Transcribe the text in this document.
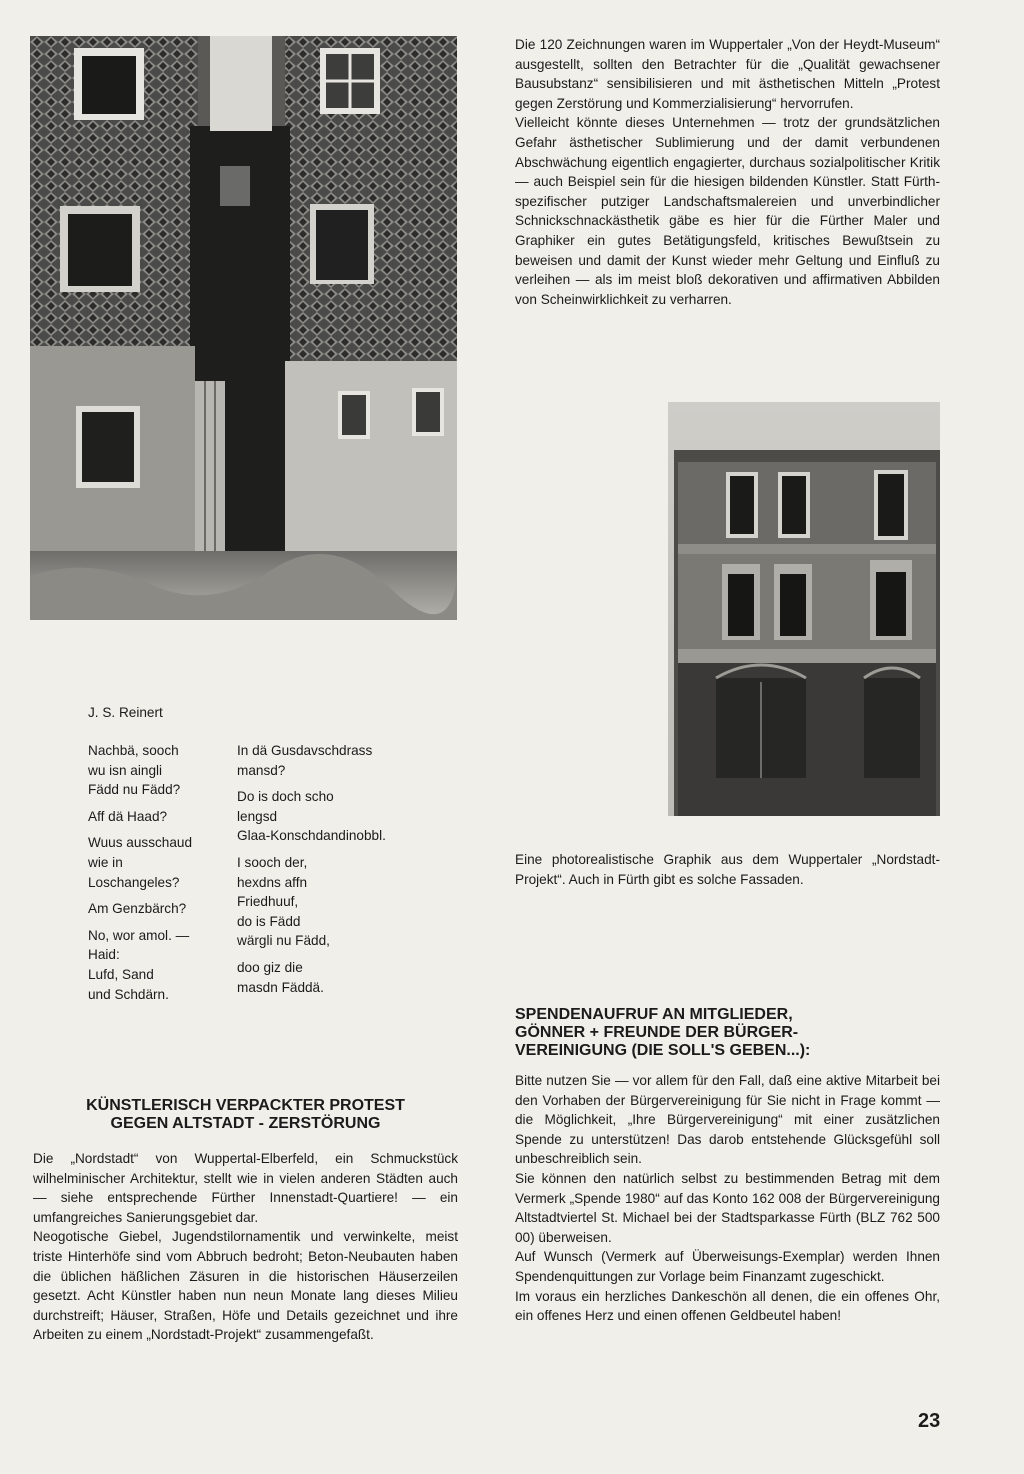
Die 120 Zeichnungen waren im Wuppertaler „Von der Heydt-Museum“ ausgestellt, sollten den Betrachter für die „Qualität gewachsener Bausubstanz“ sensibilisieren und mit ästhetischen Mitteln „Protest gegen Zerstörung und Kommerzialisierung“ hervorrufen.

Vielleicht könnte dieses Unternehmen — trotz der grundsätzlichen Gefahr ästhetischer Sublimierung und der damit verbundenen Abschwächung eigentlich engagierter, durchaus sozialpolitischer Kritik — auch Beispiel sein für die hiesigen bildenden Künstler. Statt Fürth-spezifischer putziger Landschaftsmalereien und unverbindlicher Schnickschnackästhetik gäbe es hier für die Fürther Maler und Graphiker ein gutes Betätigungsfeld, kritisches Bewußtsein zu beweisen und damit der Kunst wieder mehr Geltung und Einfluß zu verleihen — als im meist bloß dekorativen und affirmativen Abbilden von Scheinwirklichkeit zu verharren.

J. S. Reinert

Nachbä, sooch

wu isn aingli

Fädd nu Fädd?

Aff dä Haad?

Wuus ausschaud

wie in

Loschangeles?

Am Genzbärch?

No, wor amol. —

Haid:

Lufd, Sand

und Schdärn.

In dä Gusdavschdrass

mansd?

Do is doch scho

lengsd

Glaa-Konschdandinobbl.

I sooch der,

hexdns affn

Friedhuuf,

do is Fädd

wärgli nu Fädd,

doo giz die

masdn Fäddä.

Eine photorealistische Graphik aus dem Wuppertaler „Nordstadt-Projekt“. Auch in Fürth gibt es solche Fassaden.

KÜNSTLERISCH VERPACKTER PROTEST

GEGEN ALTSTADT - ZERSTÖRUNG

Die „Nordstadt“ von Wuppertal-Elberfeld, ein Schmuckstück wilhelminischer Architektur, stellt wie in vielen anderen Städten auch — siehe entsprechende Fürther Innenstadt-Quartiere! — ein umfangreiches Sanierungsgebiet dar.

Neogotische Giebel, Jugendstilornamentik und verwinkelte, meist triste Hinterhöfe sind vom Abbruch bedroht; Beton-Neubauten haben die üblichen häßlichen Zäsuren in die historischen Häuserzeilen gesetzt. Acht Künstler haben nun neun Monate lang dieses Milieu durchstreift; Häuser, Straßen, Höfe und Details gezeichnet und ihre Arbeiten zu einem „Nordstadt-Projekt“ zusammengefaßt.

SPENDENAUFRUF AN MITGLIEDER,

GÖNNER + FREUNDE DER BÜRGER-

VEREINIGUNG (DIE SOLL'S GEBEN...):

Bitte nutzen Sie — vor allem für den Fall, daß eine aktive Mitarbeit bei den Vorhaben der Bürgervereinigung für Sie nicht in Frage kommt — die Möglichkeit, „Ihre Bürgervereinigung“ mit einer zusätzlichen Spende zu unterstützen! Das darob entstehende Glücksgefühl soll unbeschreiblich sein.

Sie können den natürlich selbst zu bestimmenden Betrag mit dem Vermerk „Spende 1980“ auf das Konto 162 008 der Bürgervereinigung Altstadtviertel St. Michael bei der Stadtsparkasse Fürth (BLZ 762 500 00) überweisen.

Auf Wunsch (Vermerk auf Überweisungs-Exemplar) werden Ihnen Spendenquittungen zur Vorlage beim Finanzamt zugeschickt.

Im voraus ein herzliches Dankeschön all denen, die ein offenes Ohr, ein offenes Herz und einen offenen Geldbeutel haben!

23
